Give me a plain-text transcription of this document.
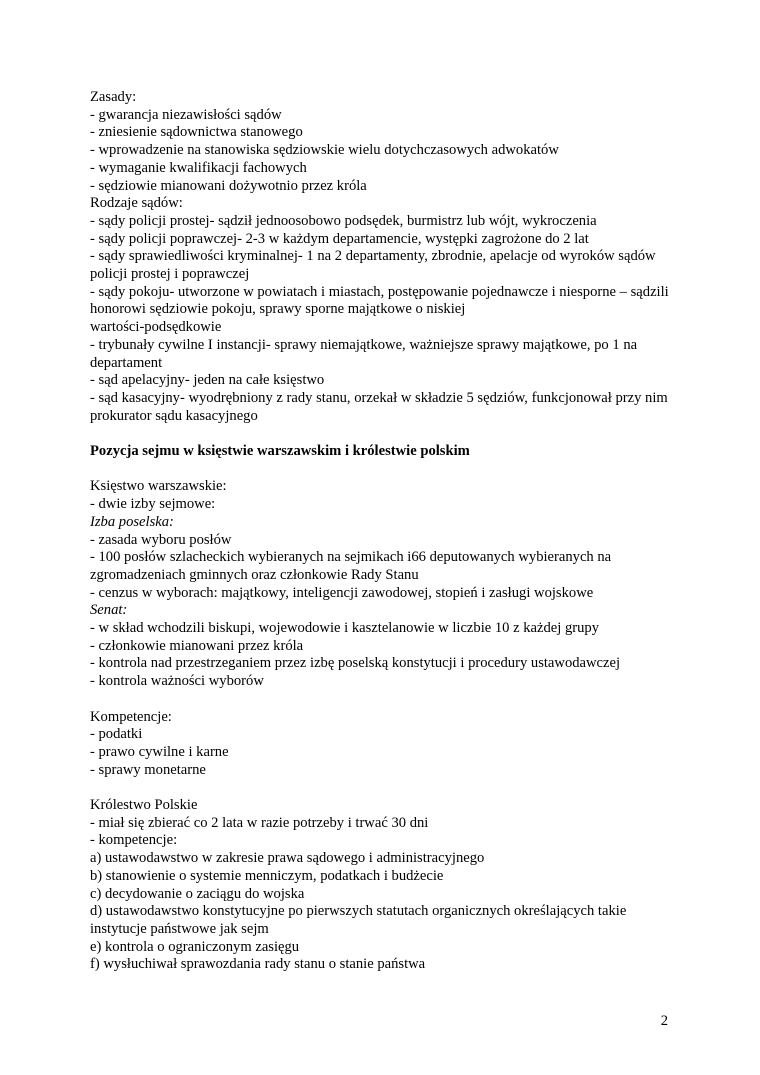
Zasady:
- gwarancja niezawisłości sądów
- zniesienie sądownictwa stanowego
- wprowadzenie na stanowiska sędziowskie wielu dotychczasowych adwokatów
- wymaganie kwalifikacji fachowych
- sędziowie mianowani dożywotnio przez króla
Rodzaje sądów:
- sądy policji prostej- sądził jednoosobowo podsędek, burmistrz lub wójt, wykroczenia
- sądy policji poprawczej- 2-3 w każdym departamencie, występki zagrożone do 2 lat
- sądy sprawiedliwości kryminalnej- 1 na 2 departamenty, zbrodnie, apelacje od wyroków sądów policji prostej i poprawczej
- sądy pokoju- utworzone w powiatach i miastach, postępowanie pojednawcze i niesporne – sądzili honorowi sędziowie pokoju, sprawy sporne majątkowe o niskiej
wartości-podsędkowie
- trybunały cywilne I instancji- sprawy niemajątkowe, ważniejsze sprawy majątkowe, po 1 na departament
- sąd apelacyjny- jeden na całe księstwo
- sąd kasacyjny- wyodrębniony z rady stanu, orzekał w składzie 5 sędziów, funkcjonował przy nim prokurator sądu kasacyjnego
Pozycja sejmu w księstwie warszawskim i królestwie polskim
Księstwo warszawskie:
- dwie izby sejmowe:
Izba poselska:
- zasada wyboru posłów
- 100 posłów szlacheckich wybieranych na sejmikach i66 deputowanych wybieranych na zgromadzeniach gminnych oraz członkowie Rady Stanu
- cenzus w wyborach: majątkowy, inteligencji zawodowej, stopień i zasługi wojskowe
Senat:
- w skład wchodzili biskupi, wojewodowie i kasztelanowie w liczbie 10 z każdej grupy
- członkowie mianowani przez króla
- kontrola nad przestrzeganiem przez izbę poselską konstytucji i procedury ustawodawczej
- kontrola ważności wyborów
Kompetencje:
- podatki
- prawo cywilne i karne
- sprawy monetarne
Królestwo Polskie
- miał się zbierać co 2 lata w razie potrzeby i trwać 30 dni
- kompetencje:
a) ustawodawstwo w zakresie prawa sądowego i administracyjnego
b) stanowienie o systemie menniczym, podatkach i budżecie
c) decydowanie o zaciągu do wojska
d) ustawodawstwo konstytucyjne po pierwszych statutach organicznych określających takie instytucje państwowe jak sejm
e) kontrola o ograniczonym zasięgu
f) wysłuchiwał sprawozdania rady stanu o stanie państwa
2
